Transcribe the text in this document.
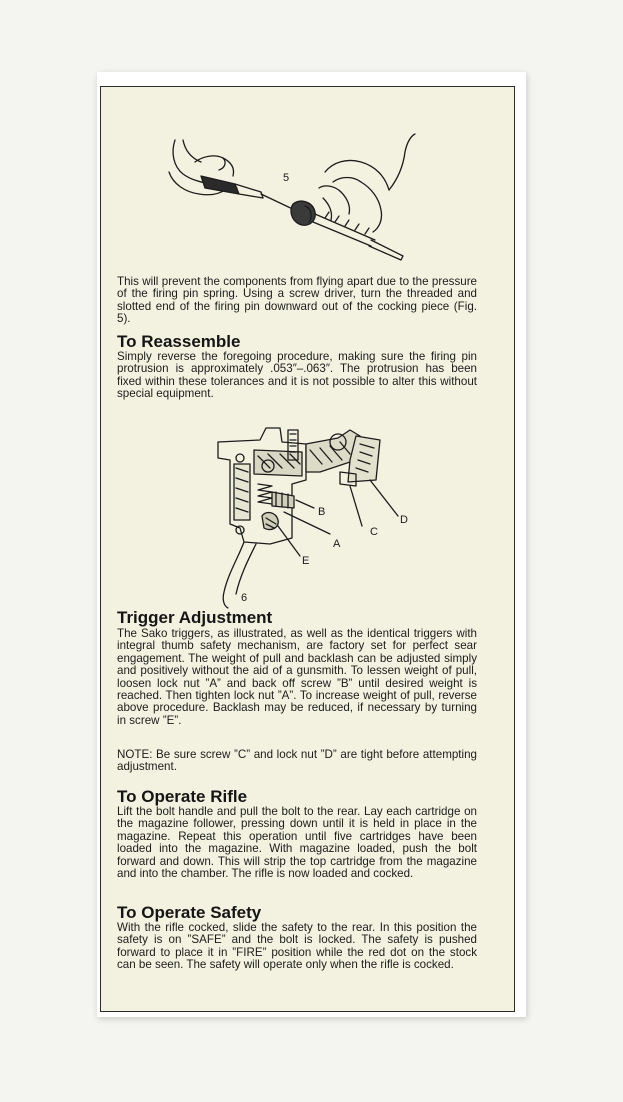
5

This will prevent the components from flying apart due to the pressure of the firing pin spring. Using a screw driver, turn the threaded and slotted end of the firing pin downward out of the cocking piece (Fig. 5).

To Reassemble

Simply reverse the foregoing procedure, making sure the firing pin protrusion is approximately .053″–.063″. The protrusion has been fixed within these tolerances and it is not possible to alter this without special equipment.

B
A
C
D
E
6
Trigger Adjustment

The Sako triggers, as illustrated, as well as the identical triggers with integral thumb safety mechanism, are factory set for perfect sear engagement. The weight of pull and backlash can be adjusted simply and positively without the aid of a gunsmith. To lessen weight of pull, loosen lock nut ”A” and back off screw ”B” until desired weight is reached. Then tighten lock nut ”A”. To increase weight of pull, reverse above procedure. Backlash may be reduced, if necessary by turning in screw ”E”.

NOTE: Be sure screw ”C” and lock nut ”D” are tight before attempting adjustment.

To Operate Rifle

Lift the bolt handle and pull the bolt to the rear. Lay each cartridge on the magazine follower, pressing down until it is held in place in the magazine. Repeat this operation until five cartridges have been loaded into the magazine. With magazine loaded, push the bolt forward and down. This will strip the top cartridge from the magazine and into the chamber. The rifle is now loaded and cocked.

To Operate Safety

With the rifle cocked, slide the safety to the rear. In this position the safety is on ”SAFE” and the bolt is locked. The safety is pushed forward to place it in ”FIRE” position while the red dot on the stock can be seen. The safety will operate only when the rifle is cocked.
